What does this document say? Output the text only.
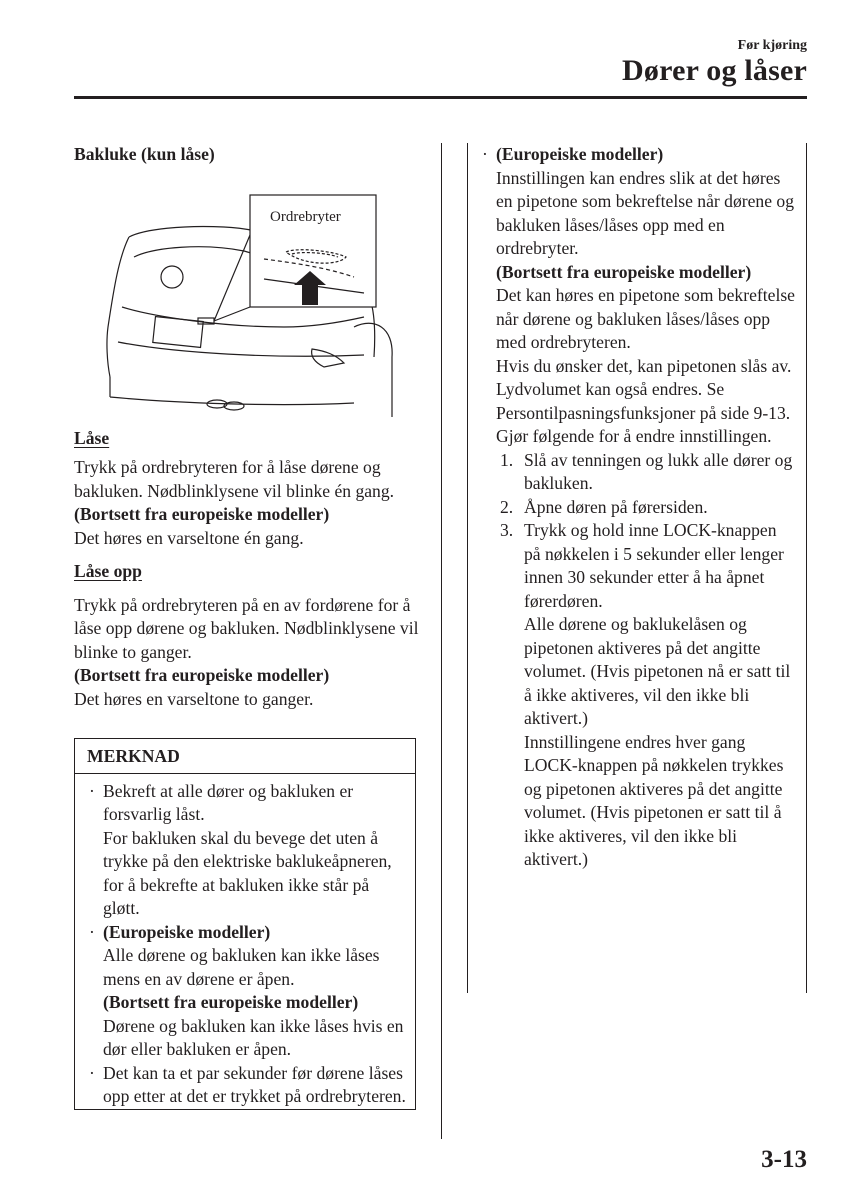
Før kjøring
Dører og låser

Bakluke (kun låse)

Ordrebryter

Låse

Trykk på ordrebryteren for å låse dørene og bakluken. Nødblinklysene vil blinke én gang.

(Bortsett fra europeiske modeller)

Det høres en varseltone én gang.

Låse opp

Trykk på ordrebryteren på en av fordørene for å låse opp dørene og bakluken. Nødblinklysene vil blinke to ganger.

(Bortsett fra europeiske modeller)

Det høres en varseltone to ganger.

MERKNAD
· Bekreft at alle dører og bakluken er forsvarlig låst.

For bakluken skal du bevege det uten å trykke på den elektriske baklukeåpneren, for å bekrefte at bakluken ikke står på gløtt.

· (Europeiske modeller)

Alle dørene og bakluken kan ikke låses mens en av dørene er åpen.

(Bortsett fra europeiske modeller)

Dørene og bakluken kan ikke låses hvis en dør eller bakluken er åpen.

· Det kan ta et par sekunder før dørene låses opp etter at det er trykket på ordrebryteren.

· (Europeiske modeller)

Innstillingen kan endres slik at det høres en pipetone som bekreftelse når dørene og bakluken låses/låses opp med en ordrebryter.

(Bortsett fra europeiske modeller)

Det kan høres en pipetone som bekreftelse når dørene og bakluken låses/låses opp med ordrebryteren.

Hvis du ønsker det, kan pipetonen slås av.

Lydvolumet kan også endres. Se Persontilpasningsfunksjoner på side 9-13.

Gjør følgende for å endre innstillingen.

1. Slå av tenningen og lukk alle dører og bakluken.

2. Åpne døren på førersiden.

3. Trykk og hold inne LOCK-knappen på nøkkelen i 5 sekunder eller lenger innen 30 sekunder etter å ha åpnet førerdøren.

Alle dørene og baklukelåsen og pipetonen aktiveres på det angitte volumet. (Hvis pipetonen nå er satt til å ikke aktiveres, vil den ikke bli aktivert.)

Innstillingene endres hver gang LOCK-knappen på nøkkelen trykkes og pipetonen aktiveres på det angitte volumet. (Hvis pipetonen er satt til å ikke aktiveres, vil den ikke bli aktivert.)

3-13
